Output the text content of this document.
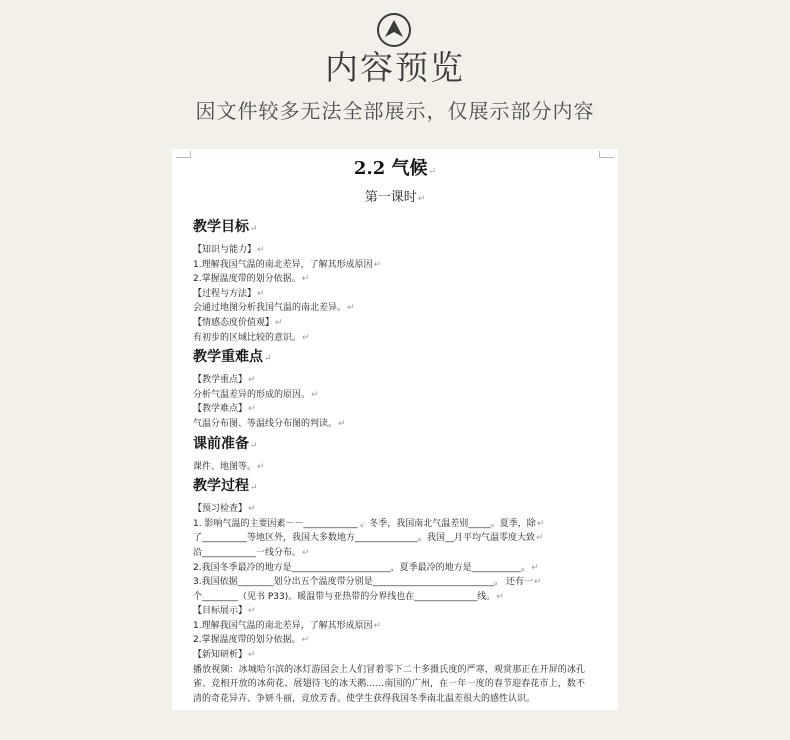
内容预览
因文件较多无法全部展示，仅展示部分内容
2.2 气候↵
第一课时↵
教学目标↵
【知识与能力】↵
1.理解我国气温的南北差异，了解其形成原因↵
2.掌握温度带的划分依据。↵
【过程与方法】↵
会通过地图分析我国气温的南北差异。↵
【情感态度价值观】↵
有初步的区域比较的意识。↵
教学重难点↵
【教学重点】↵
分析气温差异的形成的原因。↵
【教学难点】↵
气温分布图、等温线分布图的判读。↵
课前准备↵
课件、地图等。↵
教学过程↵
【预习检查】↵
1. 影响气温的主要因素－－____________ 。冬季，我国南北气温差别_____。夏季，除↵
了__________等地区外，我国大多数地方______________。我国__月平均气温零度大致↵
沿____________一线分布。↵
2.我国冬季最冷的地方是______________________，夏季最冷的地方是___________。↵
3.我国依据________划分出五个温度带分别是___________________________。 还有一↵
个________（见书 P33)。暖温带与亚热带的分界线也在______________线。↵
【目标展示】↵
1.理解我国气温的南北差异，了解其形成原因↵
2.掌握温度带的划分依据。↵
【新知研析】↵
播放视频：冰城哈尔滨的冰灯游园会上人们冒着零下二十多摄氏度的严寒，观赏那正在开屏的冰孔雀、竞相开放的冰荷花、展翅待飞的冰天鹅……南国的广州，在一年一度的春节迎春花市上，数不清的奇花异卉、争妍斗丽，竞放芳香。使学生获得我国冬季南北温差很大的感性认识。
